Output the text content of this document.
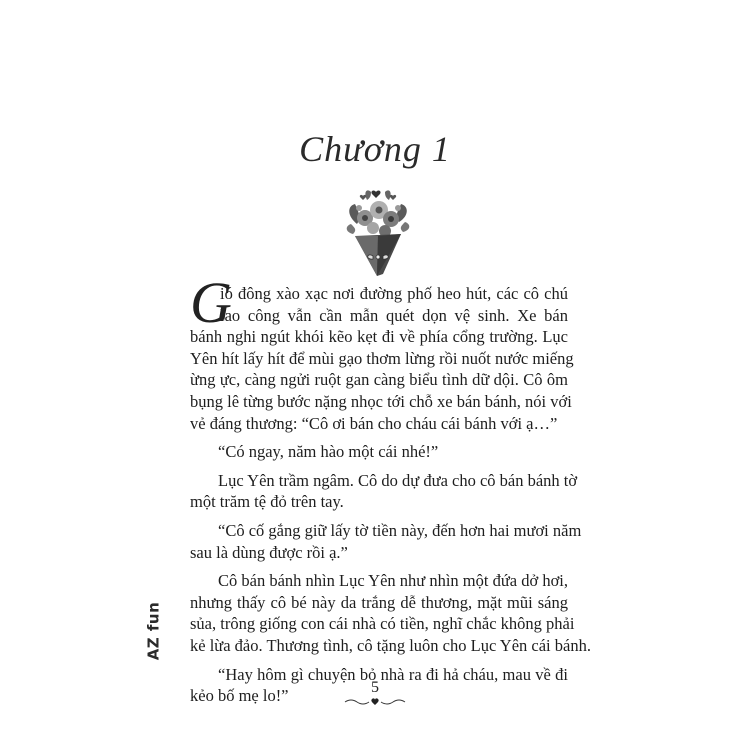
Chương 1

G
ió đông xào xạc nơi đường phố heo hút, các cô chú
lao công vẫn cần mẫn quét dọn vệ sinh. Xe bán
bánh nghi ngút khói kẽo kẹt đi về phía cổng trường. Lục
Yên hít lấy hít để mùi gạo thơm lừng rồi nuốt nước miếng
ừng ực, càng ngửi ruột gan càng biểu tình dữ dội. Cô ôm
bụng lê từng bước nặng nhọc tới chỗ xe bán bánh, nói với
vẻ đáng thương: “Cô ơi bán cho cháu cái bánh với ạ…”

“Có ngay, năm hào một cái nhé!”

Lục Yên trầm ngâm. Cô do dự đưa cho cô bán bánh tờ
một trăm tệ đỏ trên tay.

“Cô cố gắng giữ lấy tờ tiền này, đến hơn hai mươi năm
sau là dùng được rồi ạ.”

Cô bán bánh nhìn Lục Yên như nhìn một đứa dở hơi,
nhưng thấy cô bé này da trắng dễ thương, mặt mũi sáng
sủa, trông giống con cái nhà có tiền, nghĩ chắc không phải
kẻ lừa đảo. Thương tình, cô tặng luôn cho Lục Yên cái bánh.

“Hay hôm gì chuyện bỏ nhà ra đi hả cháu, mau về đi
kẻo bố mẹ lo!”	5
AZ fun
